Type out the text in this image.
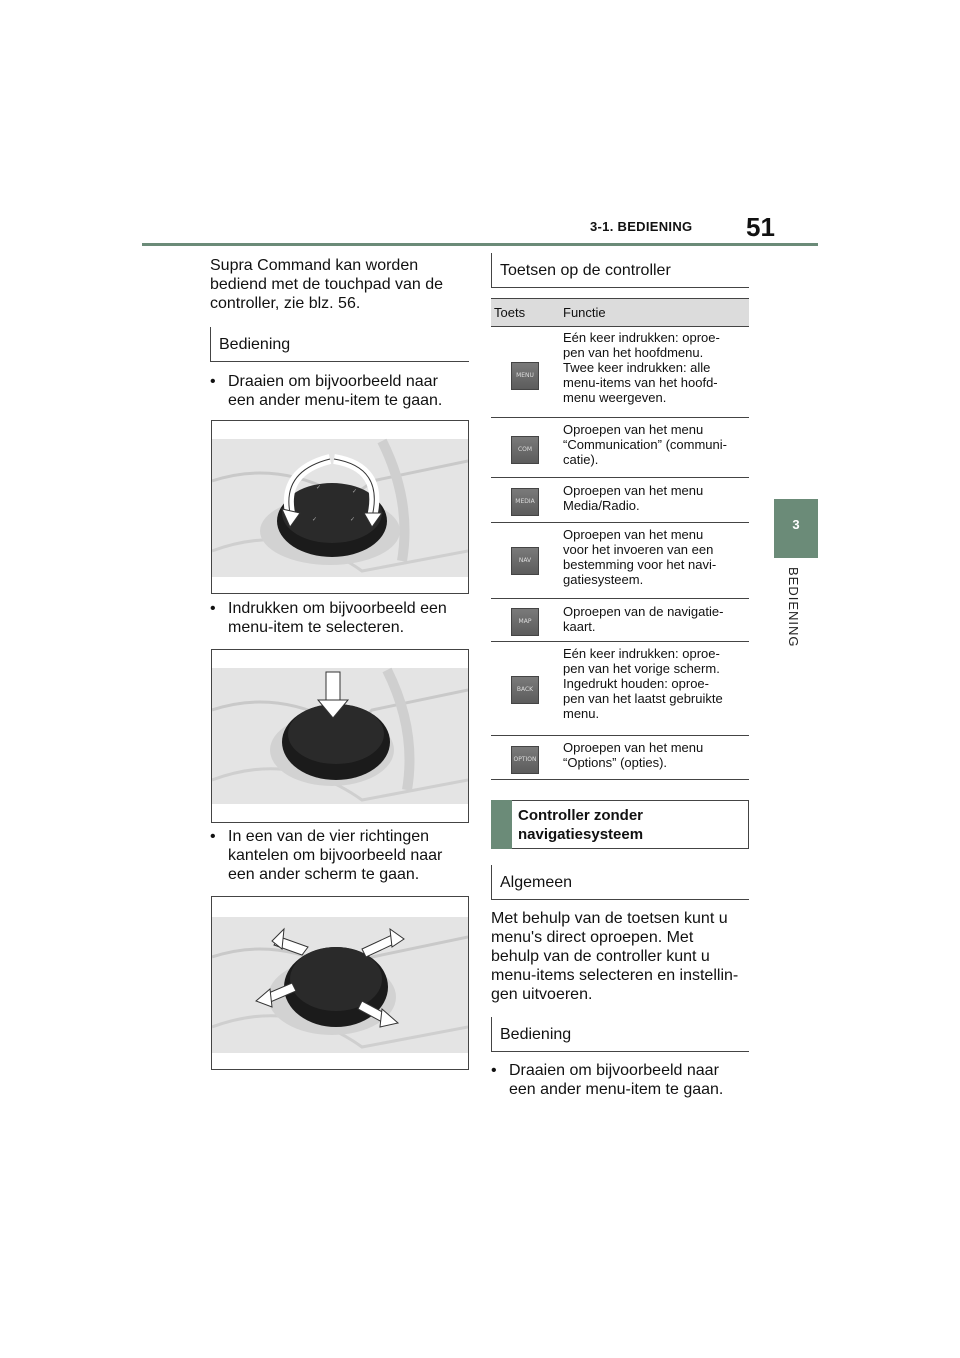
3-1. BEDIENING 51
3
BEDIENING
Supra Command kan worden
bediend met de touchpad van de
controller, zie blz. 56.
Bediening
• Draaien om bijvoorbeeld naar
een ander menu-item te gaan.
✓
✓
✓	✓
• Indrukken om bijvoorbeeld een
menu-item te selecteren.
• In een van de vier richtingen
kantelen om bijvoorbeeld naar
een ander scherm te gaan.
Toetsen op de controller
Toets	Functie
MENU
Eén keer indrukken: oproe-
pen van het hoofdmenu.
Twee keer indrukken: alle
menu-items van het hoofd-
menu weergeven.
COM
Oproepen van het menu
“Communication” (communi-
catie).
MEDIA
Oproepen van het menu
Media/Radio.
NAV
Oproepen van het menu
voor het invoeren van een
bestemming voor het navi-
gatiesysteem.
MAP
Oproepen van de navigatie-
kaart.
BACK
Eén keer indrukken: oproe-
pen van het vorige scherm.
Ingedrukt houden: oproe-
pen van het laatst gebruikte
menu.
OPTION
Oproepen van het menu
“Options” (opties).
Controller zonder
navigatiesysteem
Algemeen
Met behulp van de toetsen kunt u
menu's direct oproepen. Met
behulp van de controller kunt u
menu-items selecteren en instellin-
gen uitvoeren.
Bediening
• Draaien om bijvoorbeeld naar
een ander menu-item te gaan.
